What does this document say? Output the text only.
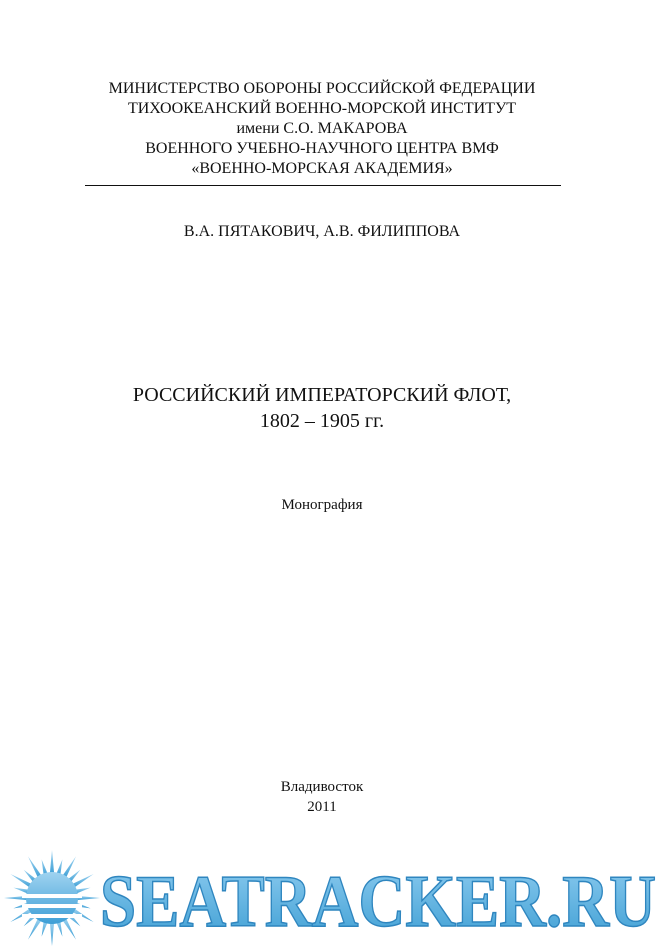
МИНИСТЕРСТВО ОБОРОНЫ РОССИЙСКОЙ ФЕДЕРАЦИИ
ТИХООКЕАНСКИЙ ВОЕННО-МОРСКОЙ ИНСТИТУТ
имени С.О. МАКАРОВА
ВОЕННОГО УЧЕБНО-НАУЧНОГО ЦЕНТРА ВМФ
«ВОЕННО-МОРСКАЯ АКАДЕМИЯ»
В.А. ПЯТАКОВИЧ, А.В. ФИЛИППОВА
РОССИЙСКИЙ ИМПЕРАТОРСКИЙ ФЛОТ,
1802 – 1905 гг.
Монография
Владивосток
2011
SEATRACKER.RU
